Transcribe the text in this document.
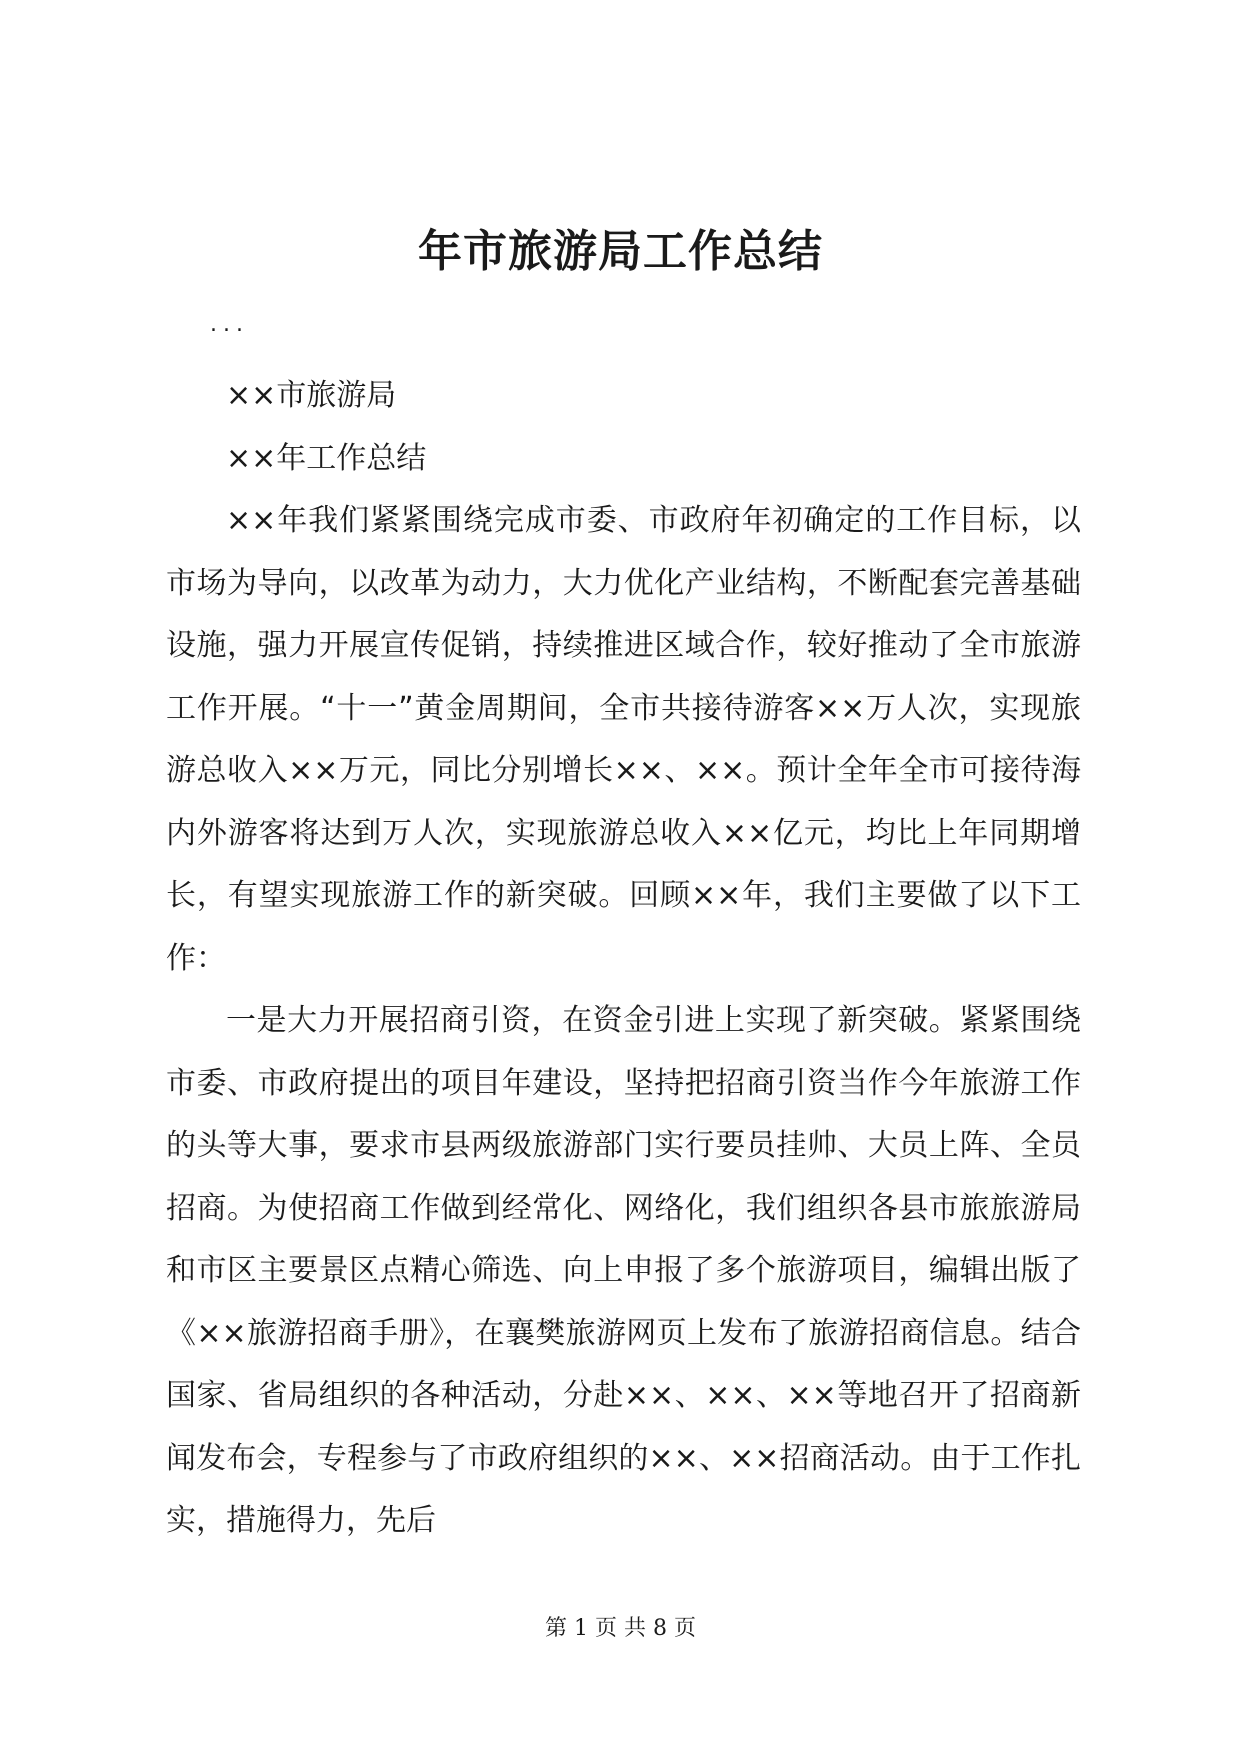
年市旅游局工作总结

...

××市旅游局

××年工作总结

××年我们紧紧围绕完成市委、市政府年初确定的工作目标，以市场为导向，以改革为动力，大力优化产业结构，不断配套完善基础设施，强力开展宣传促销，持续推进区域合作，较好推动了全市旅游工作开展。“十一”黄金周期间，全市共接待游客××万人次，实现旅游总收入××万元，同比分别增长××、××。预计全年全市可接待海内外游客将达到万人次，实现旅游总收入××亿元，均比上年同期增长，有望实现旅游工作的新突破。回顾××年，我们主要做了以下工作：

一是大力开展招商引资，在资金引进上实现了新突破。紧紧围绕市委、市政府提出的项目年建设，坚持把招商引资当作今年旅游工作的头等大事，要求市县两级旅游部门实行要员挂帅、大员上阵、全员招商。为使招商工作做到经常化、网络化，我们组织各县市旅旅游局和市区主要景区点精心筛选、向上申报了多个旅游项目，编辑出版了《××旅游招商手册》，在襄樊旅游网页上发布了旅游招商信息。结合国家、省局组织的各种活动，分赴××、××、××等地召开了招商新闻发布会，专程参与了市政府组织的××、××招商活动。由于工作扎实，措施得力，先后

第 1 页 共 8 页
